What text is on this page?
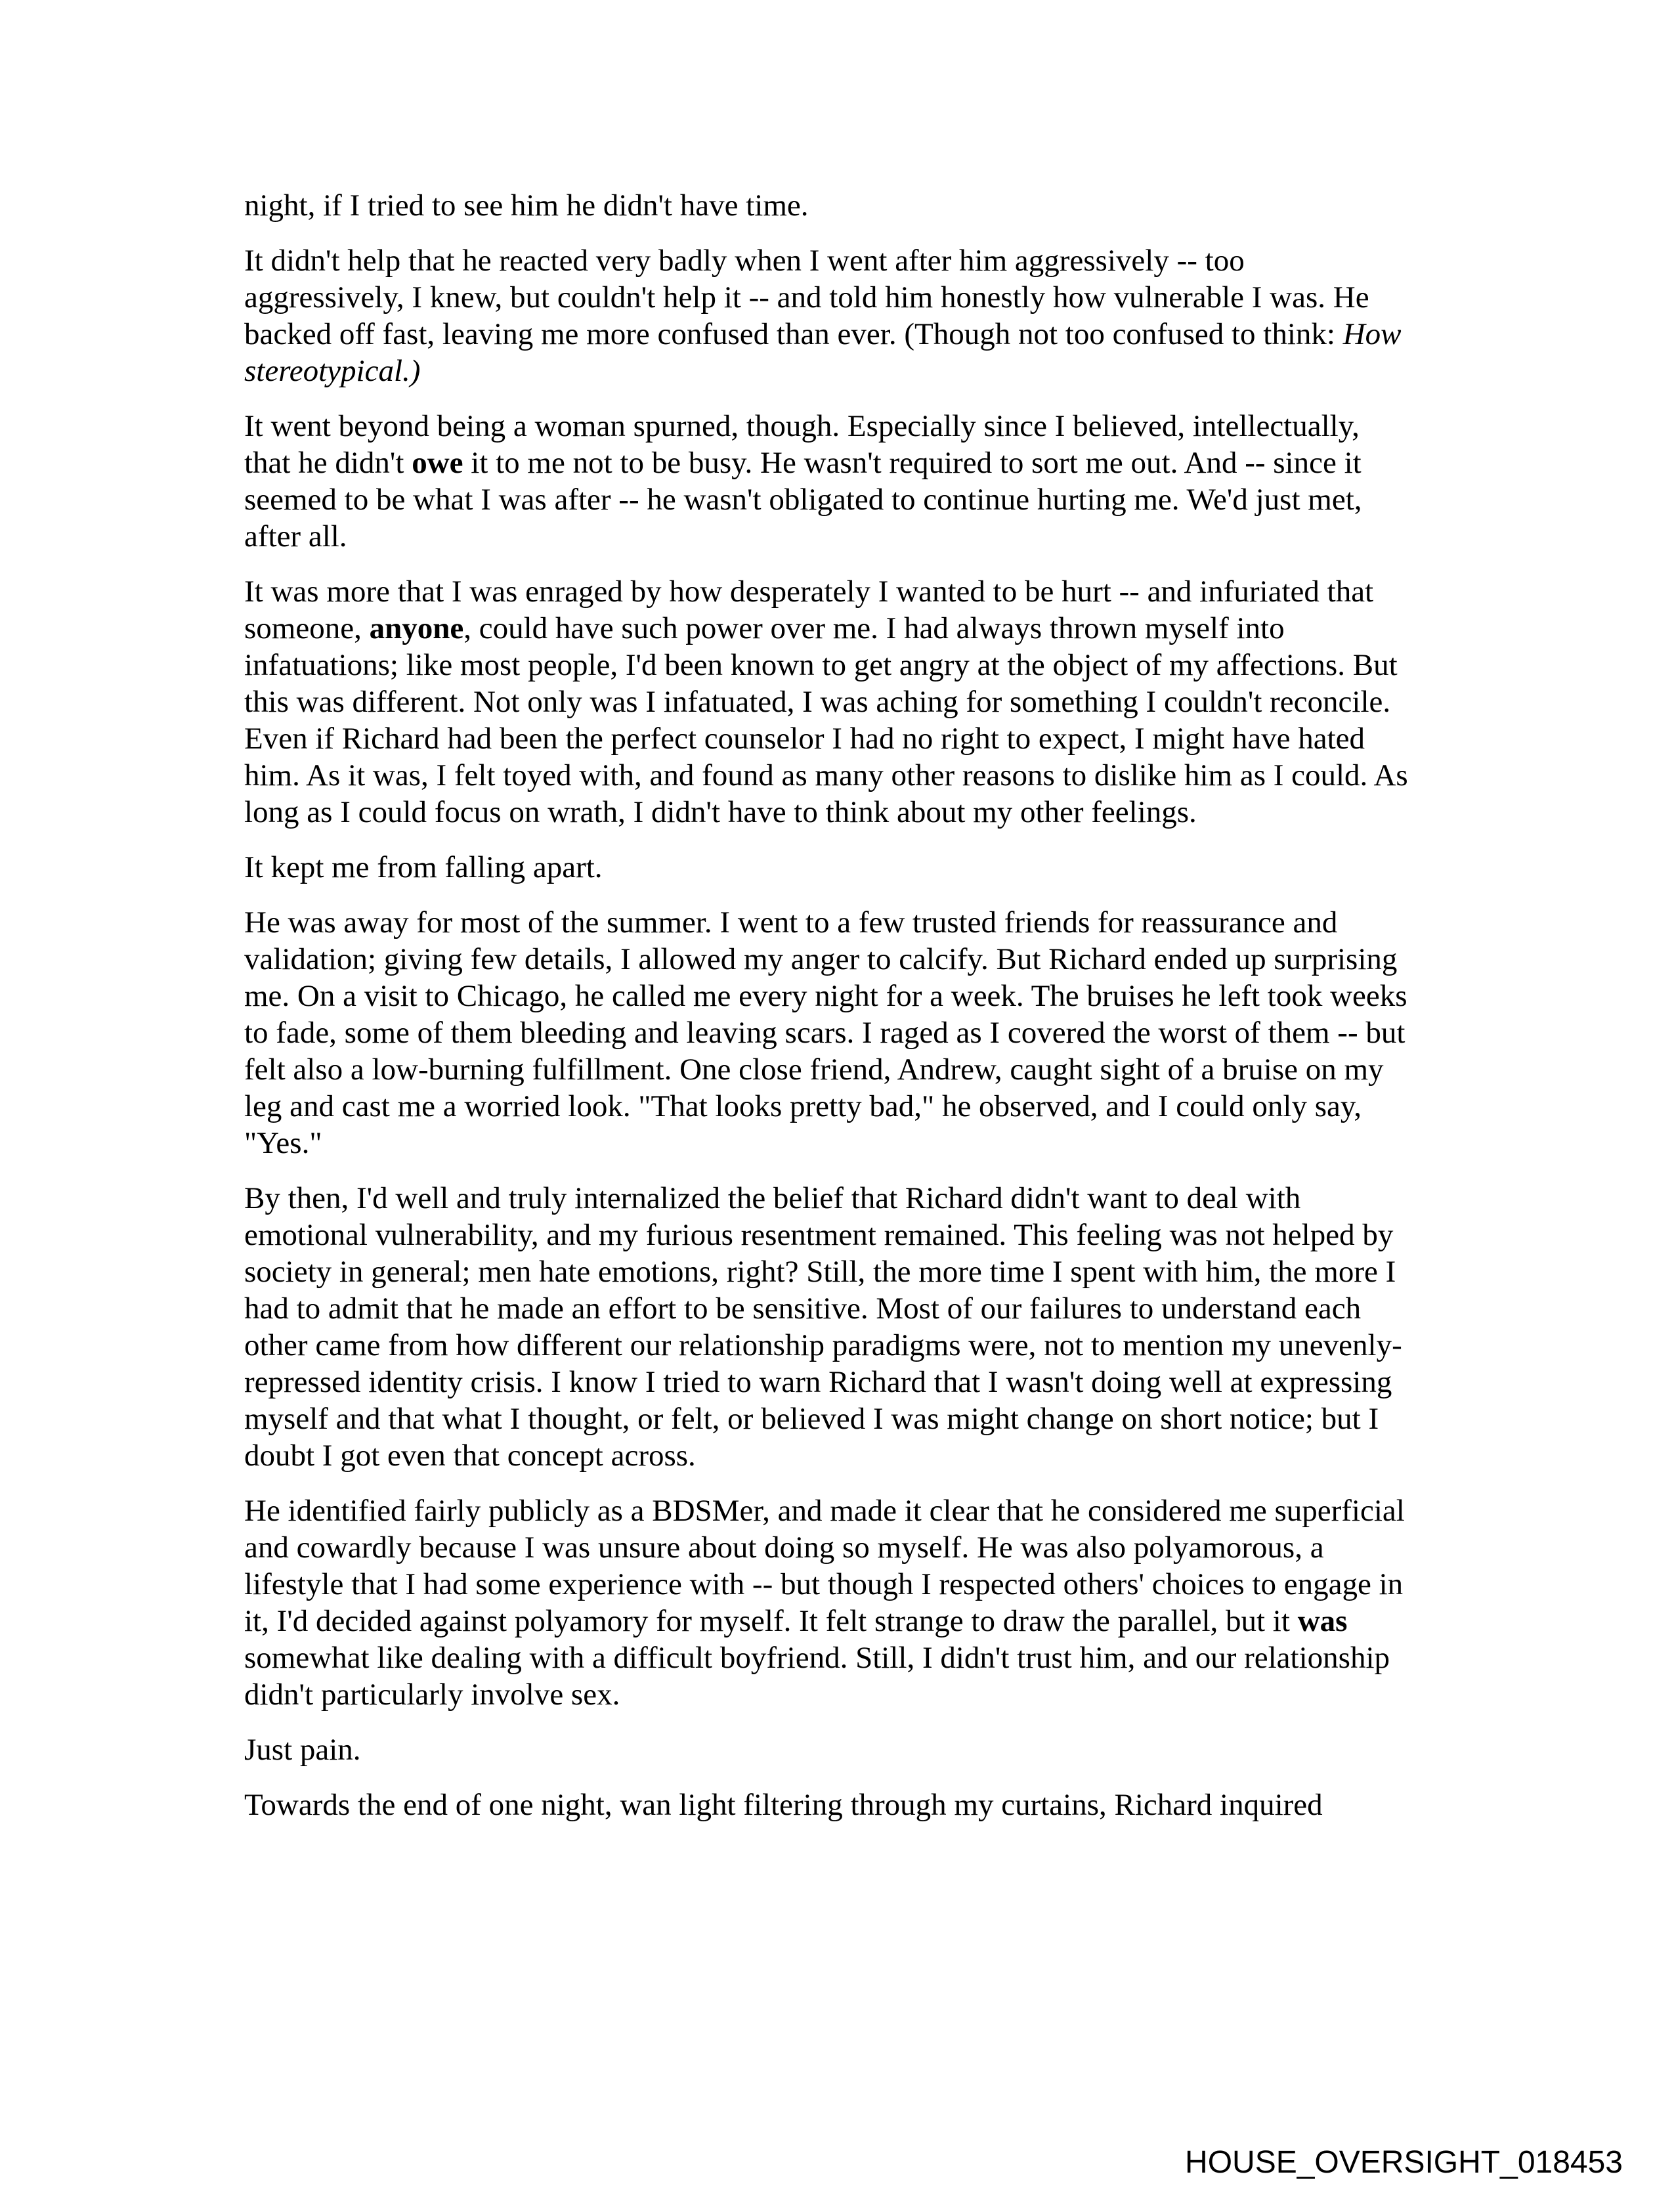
night, if I tried to see him he didn't have time.

It didn't help that he reacted very badly when I went after him aggressively -- too aggressively, I knew, but couldn't help it -- and told him honestly how vulnerable I was. He backed off fast, leaving me more confused than ever. (Though not too confused to think: How stereotypical.)

It went beyond being a woman spurned, though. Especially since I believed, intellectually, that he didn't owe it to me not to be busy. He wasn't required to sort me out. And -- since it seemed to be what I was after -- he wasn't obligated to continue hurting me. We'd just met, after all.

It was more that I was enraged by how desperately I wanted to be hurt -- and infuriated that someone, anyone, could have such power over me. I had always thrown myself into infatuations; like most people, I'd been known to get angry at the object of my affections. But this was different. Not only was I infatuated, I was aching for something I couldn't reconcile. Even if Richard had been the perfect counselor I had no right to expect, I might have hated him. As it was, I felt toyed with, and found as many other reasons to dislike him as I could. As long as I could focus on wrath, I didn't have to think about my other feelings.

It kept me from falling apart.

He was away for most of the summer. I went to a few trusted friends for reassurance and validation; giving few details, I allowed my anger to calcify. But Richard ended up surprising me. On a visit to Chicago, he called me every night for a week. The bruises he left took weeks to fade, some of them bleeding and leaving scars. I raged as I covered the worst of them -- but felt also a low-burning fulfillment. One close friend, Andrew, caught sight of a bruise on my leg and cast me a worried look. "That looks pretty bad," he observed, and I could only say, "Yes."

By then, I'd well and truly internalized the belief that Richard didn't want to deal with emotional vulnerability, and my furious resentment remained. This feeling was not helped by society in general; men hate emotions, right? Still, the more time I spent with him, the more I had to admit that he made an effort to be sensitive. Most of our failures to understand each other came from how different our relationship paradigms were, not to mention my unevenly-repressed identity crisis. I know I tried to warn Richard that I wasn't doing well at expressing myself and that what I thought, or felt, or believed I was might change on short notice; but I doubt I got even that concept across.

He identified fairly publicly as a BDSMer, and made it clear that he considered me superficial and cowardly because I was unsure about doing so myself. He was also polyamorous, a lifestyle that I had some experience with -- but though I respected others' choices to engage in it, I'd decided against polyamory for myself. It felt strange to draw the parallel, but it was somewhat like dealing with a difficult boyfriend. Still, I didn't trust him, and our relationship didn't particularly involve sex.

Just pain.

Towards the end of one night, wan light filtering through my curtains, Richard inquired

HOUSE_OVERSIGHT_018453
